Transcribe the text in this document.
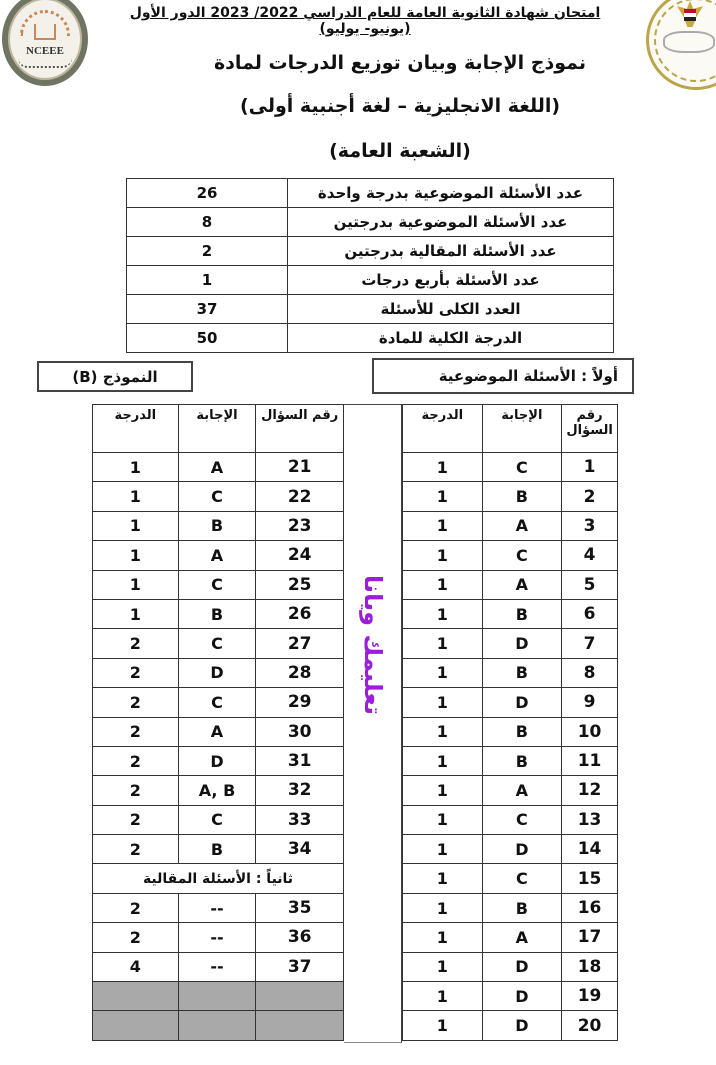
NCEEE
امتحان شهادة الثانوية العامة للعام الدراسي 2022/ 2023 الدور الأول (يونيو- يوليو)
نموذج الإجابة وبيان توزيع الدرجات لمادة
(اللغة الانجليزية – لغة أجنبية أولى)
(الشعبة العامة)
عدد الأسئلة الموضوعية بدرجة واحدة	26
عدد الأسئلة الموضوعية بدرجتين	8
عدد الأسئلة المقالية بدرجتين	2
عدد الأسئلة بأربع درجات	1
العدد الكلى للأسئلة	37
الدرجة الكلية للمادة	50
النموذج (B)	أولاً : الأسئلة الموضوعية
تعليمك ويانا
رقم السؤال	الإجابة	الدرجة
1	C	1
2	B	1
3	A	1
4	C	1
5	A	1
6	B	1
7	D	1
8	B	1
9	D	1
10	B	1
11	B	1
12	A	1
13	C	1
14	D	1
15	C	1
16	B	1
17	A	1
18	D	1
19	D	1
20	D	1
رقم السؤال	الإجابة	الدرجة
21	A	1
22	C	1
23	B	1
24	A	1
25	C	1
26	B	1
27	C	2
28	D	2
29	C	2
30	A	2
31	D	2
32	A, B	2
33	C	2
34	B	2
ثانياً : الأسئلة المقالية		
35	--	2
36	--	2
37	--	4
